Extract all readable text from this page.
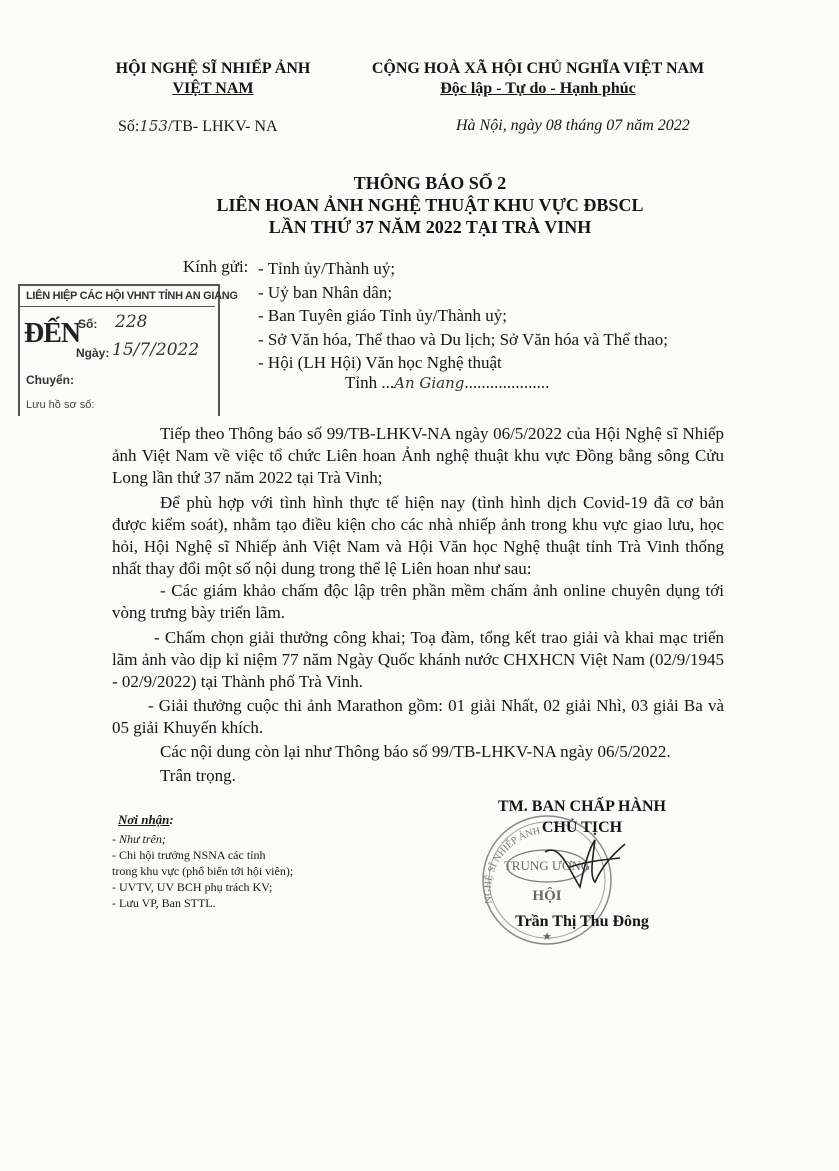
HỘI NGHỆ SĨ NHIẾP ẢNH
VIỆT NAM
CỘNG HOÀ XÃ HỘI CHỦ NGHĨA VIỆT NAM
Độc lập - Tự do - Hạnh phúc
Số:153/TB- LHKV- NA	Hà Nội, ngày 08 tháng 07 năm 2022
THÔNG BÁO SỐ 2
LIÊN HOAN ẢNH NGHỆ THUẬT KHU VỰC ĐBSCL
LẦN THỨ 37 NĂM 2022 TẠI TRÀ VINH
Kính gửi: - Tỉnh ủy/Thành uỷ;
- Uỷ ban Nhân dân;
- Ban Tuyên giáo Tỉnh ủy/Thành uỷ;
- Sở Văn hóa, Thể thao và Du lịch; Sở Văn hóa và Thể thao;
- Hội (LH Hội) Văn học Nghệ thuật
Tỉnh ...An Giang....................
LIÊN HIỆP CÁC HỘI VHNT TỈNH AN GIANG
ĐẾN
Số: 228
Ngày: 15/7/2022
Chuyển:
Lưu hồ sơ số:

Tiếp theo Thông báo số 99/TB-LHKV-NA ngày 06/5/2022 của Hội Nghệ sĩ Nhiếp ảnh Việt Nam về việc tổ chức Liên hoan Ảnh nghệ thuật khu vực Đồng bằng sông Cửu Long lần thứ 37 năm 2022 tại Trà Vinh;

Để phù hợp với tình hình thực tế hiện nay (tình hình dịch Covid-19 đã cơ bản được kiểm soát), nhằm tạo điều kiện cho các nhà nhiếp ảnh trong khu vực giao lưu, học hỏi, Hội Nghệ sĩ Nhiếp ảnh Việt Nam và Hội Văn học Nghệ thuật tỉnh Trà Vinh thống nhất thay đổi một số nội dung trong thể lệ Liên hoan như sau:

- Các giám khảo chấm độc lập trên phần mềm chấm ảnh online chuyên dụng tới vòng trưng bày triển lãm.

- Chấm chọn giải thưởng công khai; Toạ đàm, tổng kết trao giải và khai mạc triển lãm ảnh vào dịp kỉ niệm 77 năm Ngày Quốc khánh nước CHXHCN Việt Nam (02/9/1945 - 02/9/2022) tại Thành phố Trà Vinh.

- Giải thưởng cuộc thi ảnh Marathon gồm: 01 giải Nhất, 02 giải Nhì, 03 giải Ba và 05 giải Khuyến khích.

Các nội dung còn lại như Thông báo số 99/TB-LHKV-NA ngày 06/5/2022.

Trân trọng.

Nơi nhận:
- Như trên;
- Chi hội trưởng NSNA các tỉnh
trong khu vực (phổ biến tới hội viên);
- UVTV, UV BCH phụ trách KV;
- Lưu VP, Ban STTL.	NGHỆ SĨ NHIẾP ẢNH
TRUNG ƯƠNG
HỘI
★
TM. BAN CHẤP HÀNH
CHỦ TỊCH
Trần Thị Thu Đông
